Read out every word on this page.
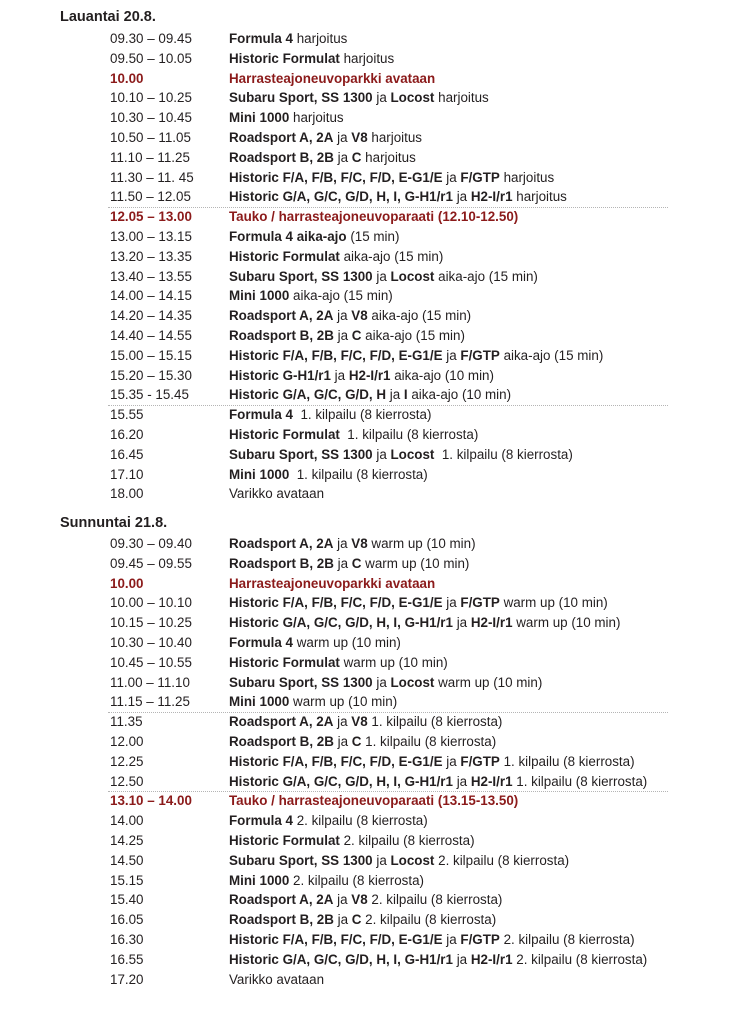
Lauantai 20.8.
09.30 – 09.45	Formula 4 harjoitus
09.50 – 10.05	Historic Formulat harjoitus
10.00	Harrasteajoneuvoparkki avataan
10.10 – 10.25	Subaru Sport, SS 1300 ja Locost harjoitus
10.30 – 10.45	Mini 1000 harjoitus
10.50 – 11.05	Roadsport A, 2A ja V8 harjoitus
11.10 – 11.25	Roadsport B, 2B ja C harjoitus
11.30 – 11. 45	Historic F/A, F/B, F/C, F/D, E-G1/E ja F/GTP harjoitus
11.50 – 12.05	Historic G/A, G/C, G/D, H, I, G-H1/r1 ja H2-I/r1 harjoitus
12.05 – 13.00	Tauko / harrasteajoneuvoparaati (12.10-12.50)
13.00 – 13.15	Formula 4 aika-ajo (15 min)
13.20 – 13.35	Historic Formulat aika-ajo (15 min)
13.40 – 13.55	Subaru Sport, SS 1300 ja Locost aika-ajo (15 min)
14.00 – 14.15	Mini 1000 aika-ajo (15 min)
14.20 – 14.35	Roadsport A, 2A ja V8 aika-ajo (15 min)
14.40 – 14.55	Roadsport B, 2B ja C aika-ajo (15 min)
15.00 – 15.15	Historic F/A, F/B, F/C, F/D, E-G1/E ja F/GTP aika-ajo (15 min)
15.20 – 15.30	Historic G-H1/r1 ja H2-I/r1 aika-ajo (10 min)
15.35 - 15.45	Historic G/A, G/C, G/D, H ja I aika-ajo (10 min)
15.55	Formula 4  1. kilpailu (8 kierrosta)
16.20	Historic Formulat  1. kilpailu (8 kierrosta)
16.45	Subaru Sport, SS 1300 ja Locost  1. kilpailu (8 kierrosta)
17.10	Mini 1000  1. kilpailu (8 kierrosta)
18.00	Varikko avataan
Sunnuntai 21.8.
09.30 – 09.40	Roadsport A, 2A ja V8 warm up (10 min)
09.45 – 09.55	Roadsport B, 2B ja C warm up (10 min)
10.00	Harrasteajoneuvoparkki avataan
10.00 – 10.10	Historic F/A, F/B, F/C, F/D, E-G1/E ja F/GTP warm up (10 min)
10.15 – 10.25	Historic G/A, G/C, G/D, H, I, G-H1/r1 ja H2-I/r1 warm up (10 min)
10.30 – 10.40	Formula 4 warm up (10 min)
10.45 – 10.55	Historic Formulat warm up (10 min)
11.00 – 11.10	Subaru Sport, SS 1300 ja Locost warm up (10 min)
11.15 – 11.25	Mini 1000 warm up (10 min)
11.35	Roadsport A, 2A ja V8 1. kilpailu (8 kierrosta)
12.00	Roadsport B, 2B ja C 1. kilpailu (8 kierrosta)
12.25	Historic F/A, F/B, F/C, F/D, E-G1/E ja F/GTP 1. kilpailu (8 kierrosta)
12.50	Historic G/A, G/C, G/D, H, I, G-H1/r1 ja H2-I/r1 1. kilpailu (8 kierrosta)
13.10 – 14.00	Tauko / harrasteajoneuvoparaati (13.15-13.50)
14.00	Formula 4 2. kilpailu (8 kierrosta)
14.25	Historic Formulat 2. kilpailu (8 kierrosta)
14.50	Subaru Sport, SS 1300 ja Locost 2. kilpailu (8 kierrosta)
15.15	Mini 1000 2. kilpailu (8 kierrosta)
15.40	Roadsport A, 2A ja V8 2. kilpailu (8 kierrosta)
16.05	Roadsport B, 2B ja C 2. kilpailu (8 kierrosta)
16.30	Historic F/A, F/B, F/C, F/D, E-G1/E ja F/GTP 2. kilpailu (8 kierrosta)
16.55	Historic G/A, G/C, G/D, H, I, G-H1/r1 ja H2-I/r1 2. kilpailu (8 kierrosta)
17.20	Varikko avataan
